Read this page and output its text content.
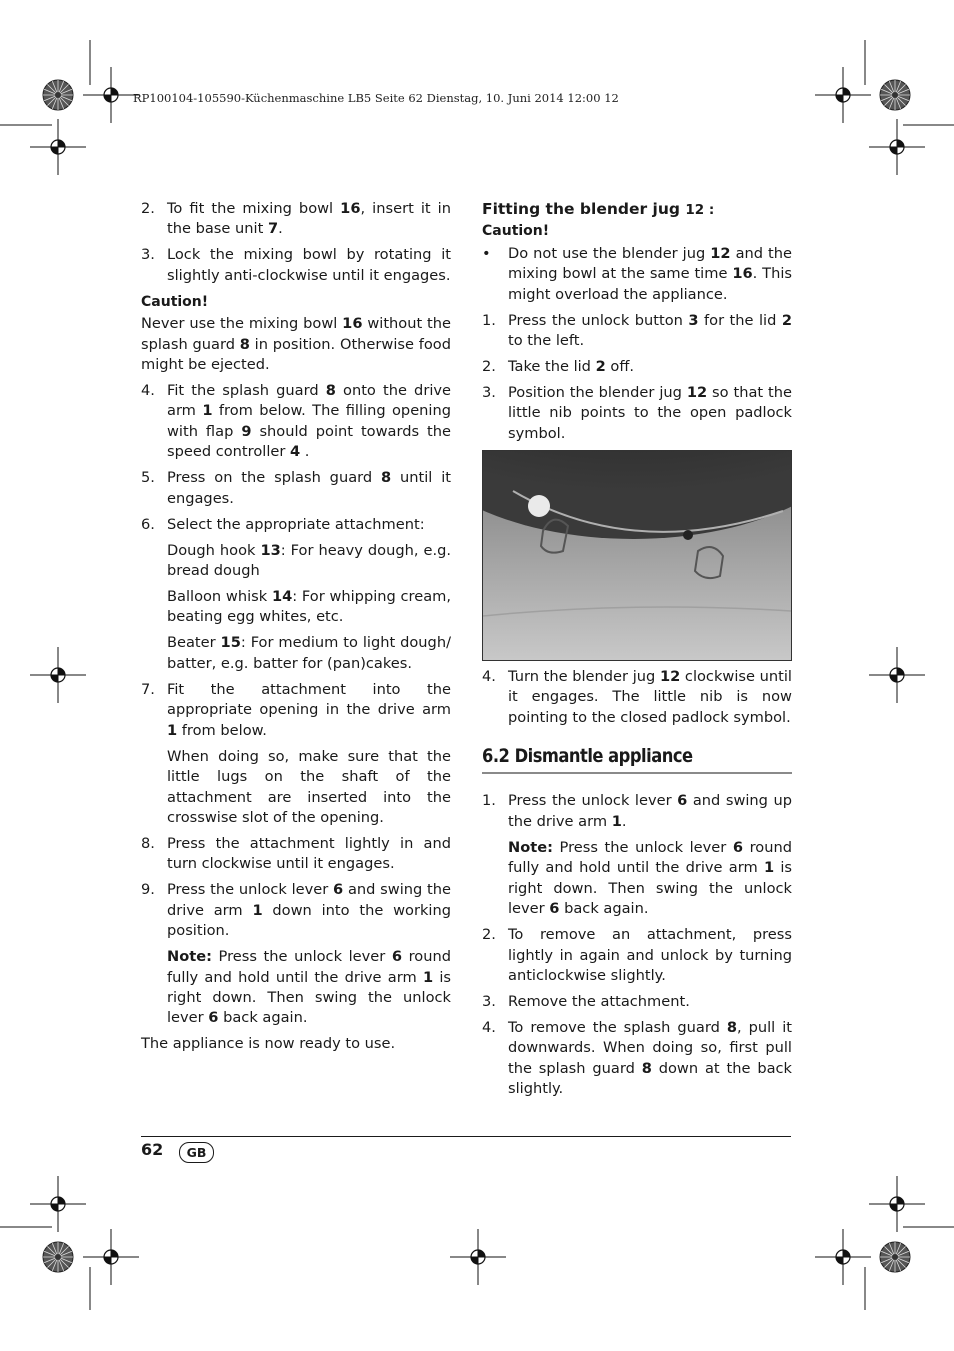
RP100104-105590-Küchenmaschine LB5 Seite 62 Dienstag, 10. Juni 2014 12:00 12
2. To fit the mixing bowl 16, insert it in the base unit 7.
3. Lock the mixing bowl by rotating it slightly anti-clockwise until it engages.
Caution!
Never use the mixing bowl 16 without the splash guard 8 in position. Otherwise food might be ejected.
4. Fit the splash guard 8 onto the drive arm 1 from below. The filling opening with flap 9 should point towards the speed controller 4 .
5. Press on the splash guard 8 until it engages.
6. Select the appropriate attachment:
Dough hook 13: For heavy dough, e.g. bread dough
Balloon whisk 14: For whipping cream, beating egg whites, etc.
Beater 15: For medium to light dough/ batter, e.g. batter for (pan)cakes.
7. Fit the attachment into the appropriate opening in the drive arm 1 from below.
When doing so, make sure that the little lugs on the shaft of the attachment are inserted into the crosswise slot of the opening.
8. Press the attachment lightly in and turn clockwise until it engages.
9. Press the unlock lever 6 and swing the drive arm 1 down into the working position.
Note: Press the unlock lever 6 round fully and hold until the drive arm 1 is right down. Then swing the unlock lever 6 back again.
The appliance is now ready to use.
Fitting the blender jug 12 :
Caution!
• Do not use the blender jug 12 and the mixing bowl at the same time 16. This might overload the appliance.
1. Press the unlock button 3 for the lid 2 to the left.
2. Take the lid 2 off.
3. Position the blender jug 12 so that the little nib points to the open padlock symbol.
4. Turn the blender jug 12 clockwise until it engages. The little nib is now pointing to the closed padlock symbol.
6.2 Dismantle appliance
1. Press the unlock lever 6 and swing up the drive arm 1.
Note: Press the unlock lever 6 round fully and hold until the drive arm 1 is right down. Then swing the unlock lever 6 back again.
2. To remove an attachment, press lightly in again and unlock by turning anticlockwise slightly.
3. Remove the attachment.
4. To remove the splash guard 8, pull it downwards. When doing so, first pull the splash guard 8 down at the back slightly.
62	GB
